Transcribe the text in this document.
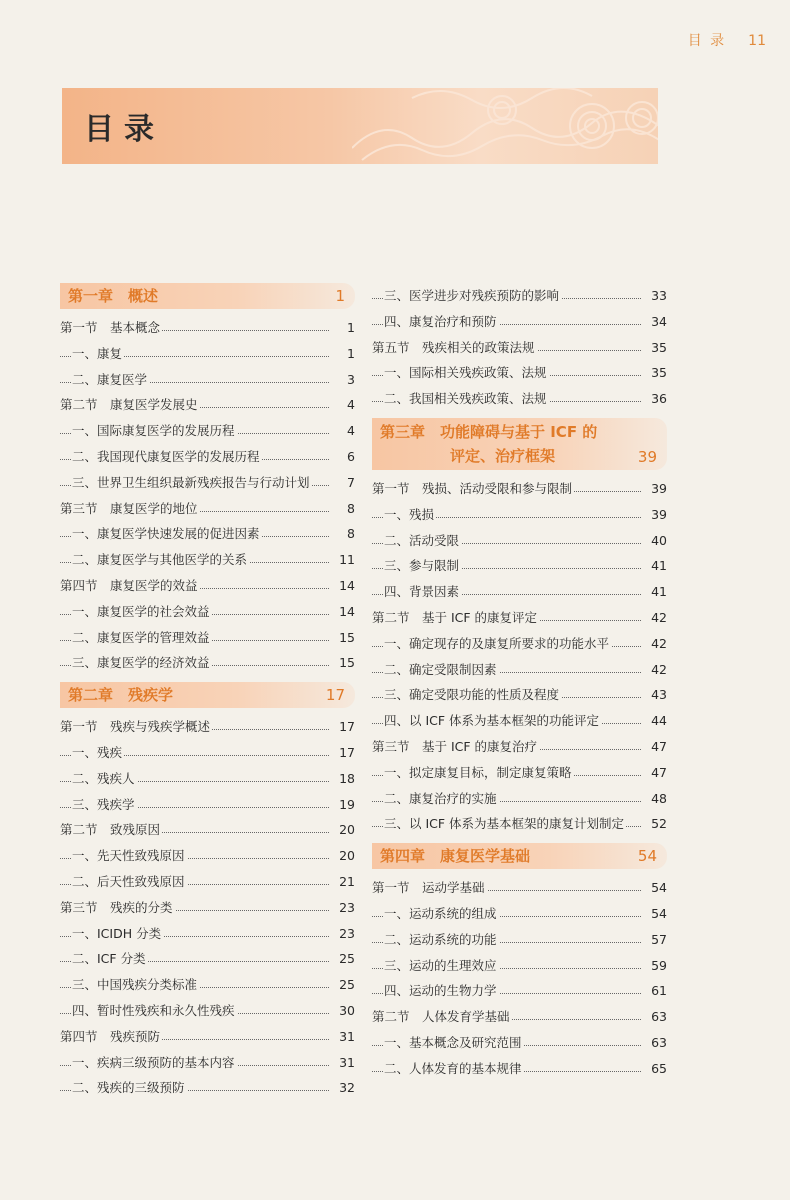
目 录 11
目录
第一章　概述	1
第一节　基本概念	1
一、康复	1
二、康复医学	3
第二节　康复医学发展史	4
一、国际康复医学的发展历程	4
二、我国现代康复医学的发展历程	6
三、世界卫生组织最新残疾报告与行动计划	7
第三节　康复医学的地位	8
一、康复医学快速发展的促进因素	8
二、康复医学与其他医学的关系	11
第四节　康复医学的效益	14
一、康复医学的社会效益	14
二、康复医学的管理效益	15
三、康复医学的经济效益	15
第二章　残疾学	17
第一节　残疾与残疾学概述	17
一、残疾	17
二、残疾人	18
三、残疾学	19
第二节　致残原因	20
一、先天性致残原因	20
二、后天性致残原因	21
第三节　残疾的分类	23
一、ICIDH 分类	23
二、ICF 分类	25
三、中国残疾分类标准	25
四、暂时性残疾和永久性残疾	30
第四节　残疾预防	31
一、疾病三级预防的基本内容	31
二、残疾的三级预防	32
三、医学进步对残疾预防的影响	33
四、康复治疗和预防	34
第五节　残疾相关的政策法规	35
一、国际相关残疾政策、法规	35
二、我国相关残疾政策、法规	36
第三章　功能障碍与基于 ICF 的
评定、治疗框架	39
第一节　残损、活动受限和参与限制	39
一、残损	39
二、活动受限	40
三、参与限制	41
四、背景因素	41
第二节　基于 ICF 的康复评定	42
一、确定现存的及康复所要求的功能水平	42
二、确定受限制因素	42
三、确定受限功能的性质及程度	43
四、以 ICF 体系为基本框架的功能评定	44
第三节　基于 ICF 的康复治疗	47
一、拟定康复目标，制定康复策略	47
二、康复治疗的实施	48
三、以 ICF 体系为基本框架的康复计划制定 52
第四章　康复医学基础	54
第一节　运动学基础	54
一、运动系统的组成	54
二、运动系统的功能	57
三、运动的生理效应	59
四、运动的生物力学	61
第二节　人体发育学基础	63
一、基本概念及研究范围	63
二、人体发育的基本规律	65
